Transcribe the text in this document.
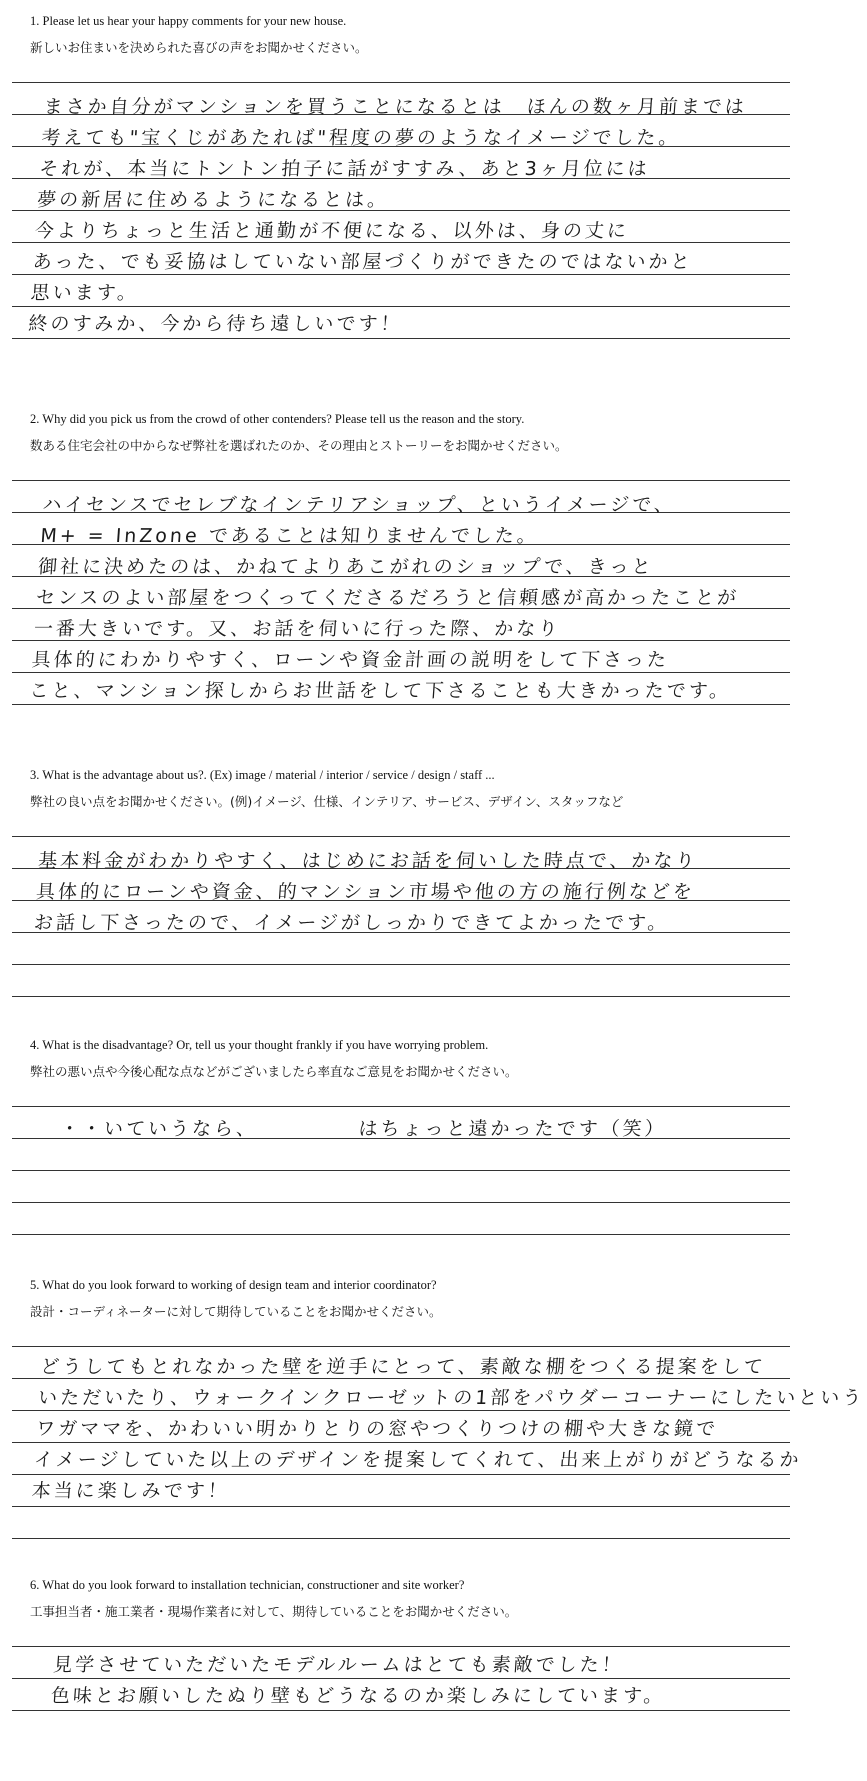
1. Please let us hear your happy comments for your new house.
新しいお住まいを決められた喜びの声をお聞かせください。
まさか自分がマンションを買うことになるとは　ほんの数ヶ月前までは
考えても"宝くじがあたれば"程度の夢のようなイメージでした。
それが、本当にトントン拍子に話がすすみ、あと3ヶ月位には
夢の新居に住めるようになるとは。
今よりちょっと生活と通勤が不便になる、以外は、身の丈に
あった、でも妥協はしていない部屋づくりができたのではないかと
思います。
終のすみか、今から待ち遠しいです！
2. Why did you pick us from the crowd of other contenders? Please tell us the reason and the story.
数ある住宅会社の中からなぜ弊社を選ばれたのか、その理由とストーリーをお聞かせください。
ハイセンスでセレブなインテリアショップ、というイメージで、
M+ = InZone であることは知りませんでした。
御社に決めたのは、かねてよりあこがれのショップで、きっと
センスのよい部屋をつくってくださるだろうと信頼感が高かったことが
一番大きいです。又、お話を伺いに行った際、かなり
具体的にわかりやすく、ローンや資金計画の説明をして下さった
こと、マンション探しからお世話をして下さることも大きかったです。
3. What is the advantage about us?. (Ex) image / material / interior / service / design / staff ...
弊社の良い点をお聞かせください。(例)イメージ、仕様、インテリア、サービス、デザイン、スタッフなど
基本料金がわかりやすく、はじめにお話を伺いした時点で、かなり
具体的にローンや資金、的マンション市場や他の方の施行例などを
お話し下さったので、イメージがしっかりできてよかったです。
4. What is the disadvantage? Or, tell us your thought frankly if you have worrying problem.
弊社の悪い点や今後心配な点などがございましたら率直なご意見をお聞かせください。
・・いていうなら、　　　　　はちょっと遠かったです（笑）
5. What do you look forward to working of design team and interior coordinator?
設計・コーディネーターに対して期待していることをお聞かせください。
どうしてもとれなかった壁を逆手にとって、素敵な棚をつくる提案をして
いただいたり、ウォークインクローゼットの1部をパウダーコーナーにしたいという
ワガママを、かわいい明かりとりの窓やつくりつけの棚や大きな鏡で
イメージしていた以上のデザインを提案してくれて、出来上がりがどうなるか
本当に楽しみです！
6. What do you look forward to installation technician, constructioner and site worker?
工事担当者・施工業者・現場作業者に対して、期待していることをお聞かせください。
見学させていただいたモデルルームはとても素敵でした！
色味とお願いしたぬり壁もどうなるのか楽しみにしています。
